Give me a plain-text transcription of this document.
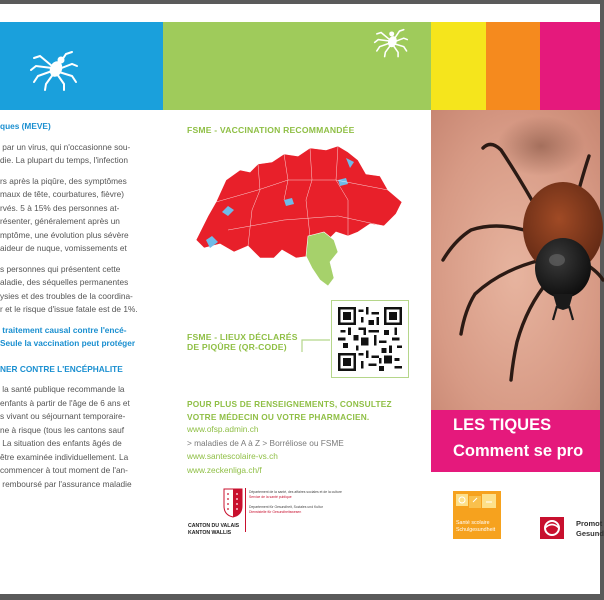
ques (MEVE)

par un virus, qui n'occasionne sou-
die. La plupart du temps, l'infection

rs après la piqûre, des symptômes
maux de tête, courbatures, fièvre)
rvés. 5 à 15% des personnes at-
résenter, généralement après un
mptôme, une évolution plus sévère
aideur de nuque, vomissements et

s personnes qui présentent cette
aladie, des séquelles permanentes
ysies et des troubles de la coordina-
r et le risque d'issue fatale est de 1%.

traitement causal contre l'encé-
Seule la vaccination peut protéger

NER CONTRE L'ENCÉPHALITE

la santé publique recommande la
enfants à partir de l'âge de 6 ans et
s vivant ou séjournant temporaire-
ne à risque (tous les cantons sauf
La situation des enfants âgés de
être examinée individuellement. La
commencer à tout moment de l'an-
remboursé par l'assurance maladie

FSME - VACCINATION RECOMMANDÉE
FSME - LIEUX DÉCLARÉS
DE PIQÛRE (QR-CODE)
POUR PLUS DE RENSEIGNEMENTS, CONSULTEZ
VOTRE MÉDECIN OU VOTRE PHARMACIEN.
www.ofsp.admin.ch
> maladies de A à Z > Borréliose ou FSME
www.santescolaire-vs.ch
www.zeckenliga.ch/f
CANTON DU VALAIS
KANTON WALLIS
Département de la santé, des affaires sociales et de la culture
Service de la santé publique

Departement für Gesundheit, Soziales und Kultur
Dienststelle für Gesundheitswesen
LES TIQUES
Comment se pro
Santé scolaire
Schulgesundheit
Promot
Gesund
